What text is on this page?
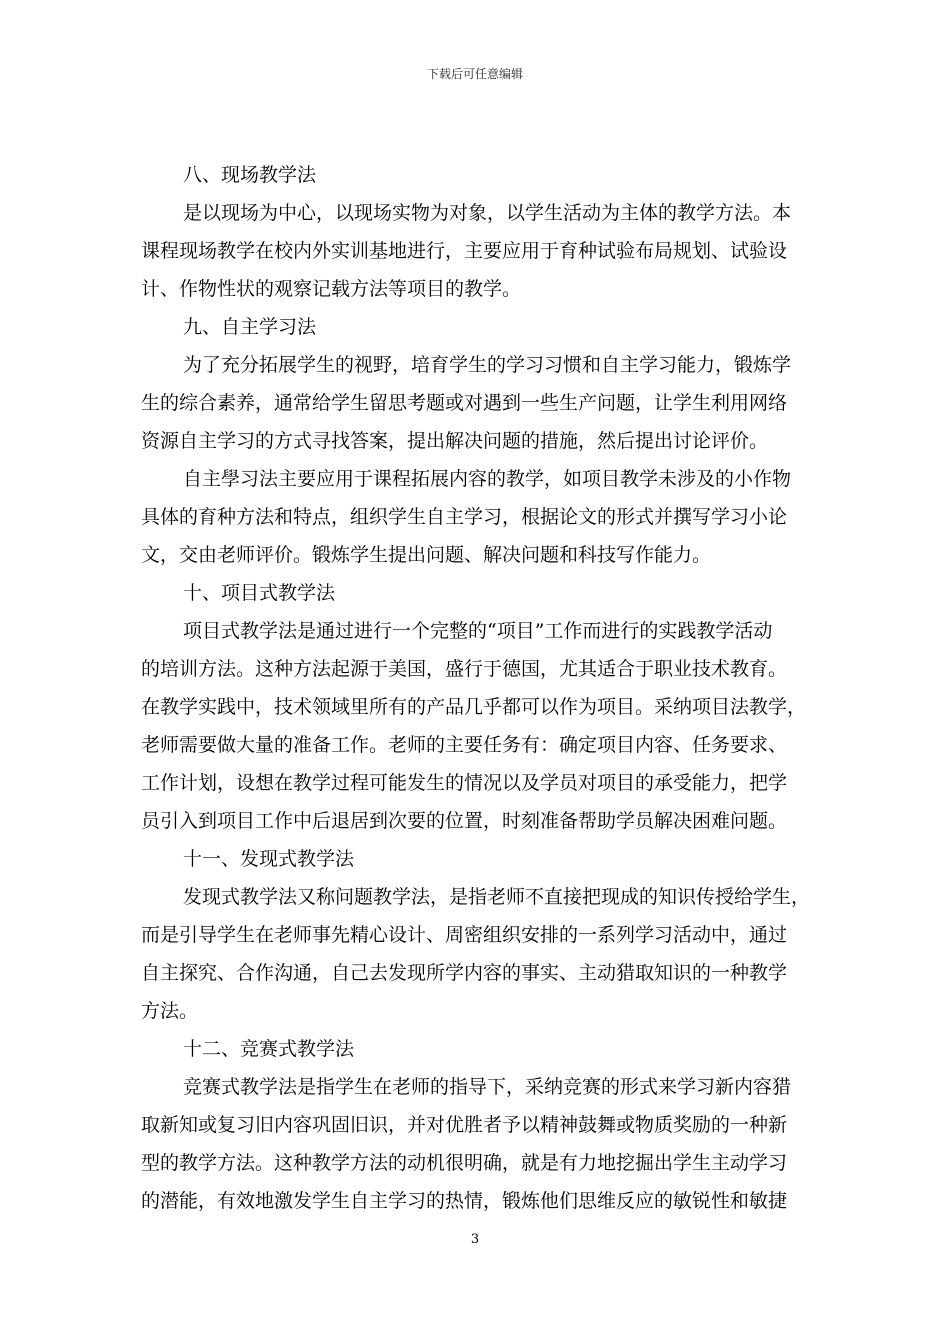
下载后可任意编辑
八、现场教学法
是以现场为中心，以现场实物为对象，以学生活动为主体的教学方法。本
课程现场教学在校内外实训基地进行，主要应用于育种试验布局规划、试验设
计、作物性状的观察记载方法等项目的教学。
九、自主学习法
为了充分拓展学生的视野，培育学生的学习习惯和自主学习能力，锻炼学
生的综合素养，通常给学生留思考题或对遇到一些生产问题，让学生利用网络
资源自主学习的方式寻找答案，提出解决问题的措施，然后提出讨论评价。
自主學习法主要应用于课程拓展内容的教学，如项目教学未涉及的小作物
具体的育种方法和特点，组织学生自主学习，根据论文的形式并撰写学习小论
文，交由老师评价。锻炼学生提出问题、解决问题和科技写作能力。
十、项目式教学法
项目式教学法是通过进行一个完整的“项目”工作而进行的实践教学活动
的培训方法。这种方法起源于美国，盛行于德国，尤其适合于职业技术教育。
在教学实践中，技术领域里所有的产品几乎都可以作为项目。采纳项目法教学，
老师需要做大量的准备工作。老师的主要任务有：确定项目内容、任务要求、
工作计划，设想在教学过程可能发生的情况以及学员对项目的承受能力，把学
员引入到项目工作中后退居到次要的位置，时刻准备帮助学员解决困难问题。
十一、发现式教学法
发现式教学法又称问题教学法，是指老师不直接把现成的知识传授给学生，
而是引导学生在老师事先精心设计、周密组织安排的一系列学习活动中，通过
自主探究、合作沟通，自己去发现所学内容的事实、主动猎取知识的一种教学
方法。
十二、竞赛式教学法
竞赛式教学法是指学生在老师的指导下，采纳竞赛的形式来学习新内容猎
取新知或复习旧内容巩固旧识，并对优胜者予以精神鼓舞或物质奖励的一种新
型的教学方法。这种教学方法的动机很明确，就是有力地挖掘出学生主动学习
的潜能，有效地激发学生自主学习的热情，锻炼他们思维反应的敏锐性和敏捷
3
